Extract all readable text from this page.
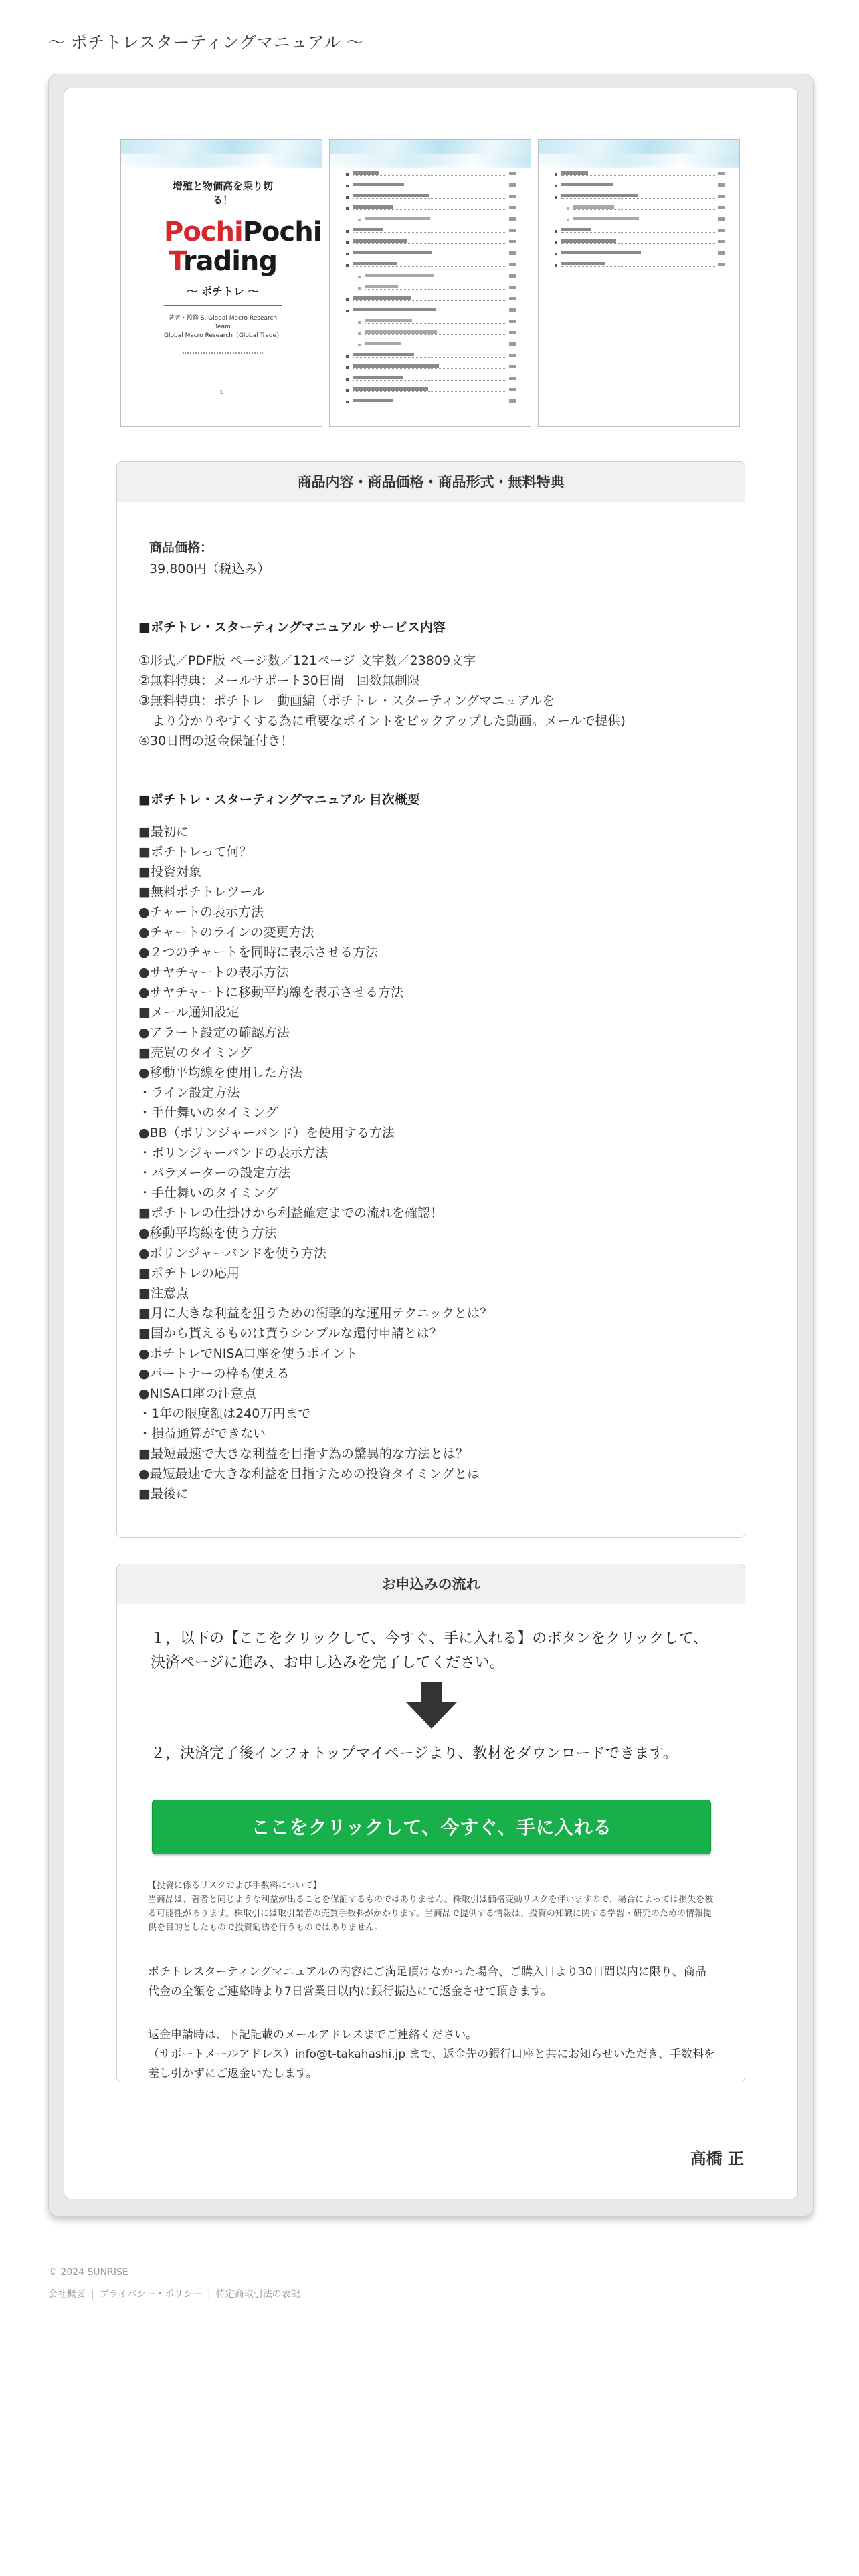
〜 ポチトレスターティングマニュアル 〜
增殖と物価高を乗り切る！
PochiPochi
Trading
〜 ポチトレ 〜
著者・監修 S. Global Macro Research Team
Global Macro Research（Global Trade）
1
商品内容・商品価格・商品形式・無料特典
商品価格：
39,800円（税込み）
■ポチトレ・スターティングマニュアル サービス内容
①形式／PDF版 ページ数／121ページ 文字数／23809文字
②無料特典：メールサポート30日間　回数無制限
③無料特典：ポチトレ　動画編（ポチトレ・スターティングマニュアルを
より分かりやすくする為に重要なポイントをピックアップした動画。メールで提供)
④30日間の返金保証付き！
■ポチトレ・スターティングマニュアル 目次概要
■最初に
■ポチトレって何？
■投資対象
■無料ポチトレツール
●チャートの表示方法
●チャートのラインの変更方法
●２つのチャートを同時に表示させる方法
●サヤチャートの表示方法
●サヤチャートに移動平均線を表示させる方法
■メール通知設定
●アラート設定の確認方法
■売買のタイミング
●移動平均線を使用した方法
・ライン設定方法
・手仕舞いのタイミング
●BB（ボリンジャーバンド）を使用する方法
・ボリンジャーバンドの表示方法
・パラメーターの設定方法
・手仕舞いのタイミング
■ポチトレの仕掛けから利益確定までの流れを確認！
●移動平均線を使う方法
●ボリンジャーバンドを使う方法
■ポチトレの応用
■注意点
■月に大きな利益を狙うための衝撃的な運用テクニックとは？
■国から貰えるものは貰うシンプルな還付申請とは？
●ポチトレでNISA口座を使うポイント
●パートナーの枠も使える
●NISA口座の注意点
・1年の限度額は240万円まで
・損益通算ができない
■最短最速で大きな利益を目指す為の驚異的な方法とは？
●最短最速で大きな利益を目指すための投資タイミングとは
■最後に
お申込みの流れ
１，以下の【ここをクリックして、今すぐ、手に入れる】のボタンをクリックして、決済ページに進み、お申し込みを完了してください。
２，決済完了後インフォトップマイページより、教材をダウンロードできます。
ここをクリックして、今すぐ、手に入れる
【投資に係るリスクおよび手数料について】
当商品は、著者と同じような利益が出ることを保証するものではありません。株取引は価格変動リスクを伴いますので、場合によっては損失を被る可能性があります。株取引には取引業者の売買手数料がかかります。当商品で提供する情報は、投資の知識に関する学習・研究のための情報提供を目的としたもので投資勧誘を行うものではありません。
ポチトレスターティングマニュアルの内容にご満足頂けなかった場合、ご購入日より30日間以内に限り、商品代金の全額をご連絡時より7日営業日以内に銀行振込にて返金させて頂きます。
返金申請時は、下記記載のメールアドレスまでご連絡ください。
（サポートメールアドレス）info@t-takahashi.jp まで、返金先の銀行口座と共にお知らせいただき、手数料を差し引かずにご返金いたします。
高橋 正
© 2024 SUNRISE
会社概要 | プライバシー・ポリシー | 特定商取引法の表記
